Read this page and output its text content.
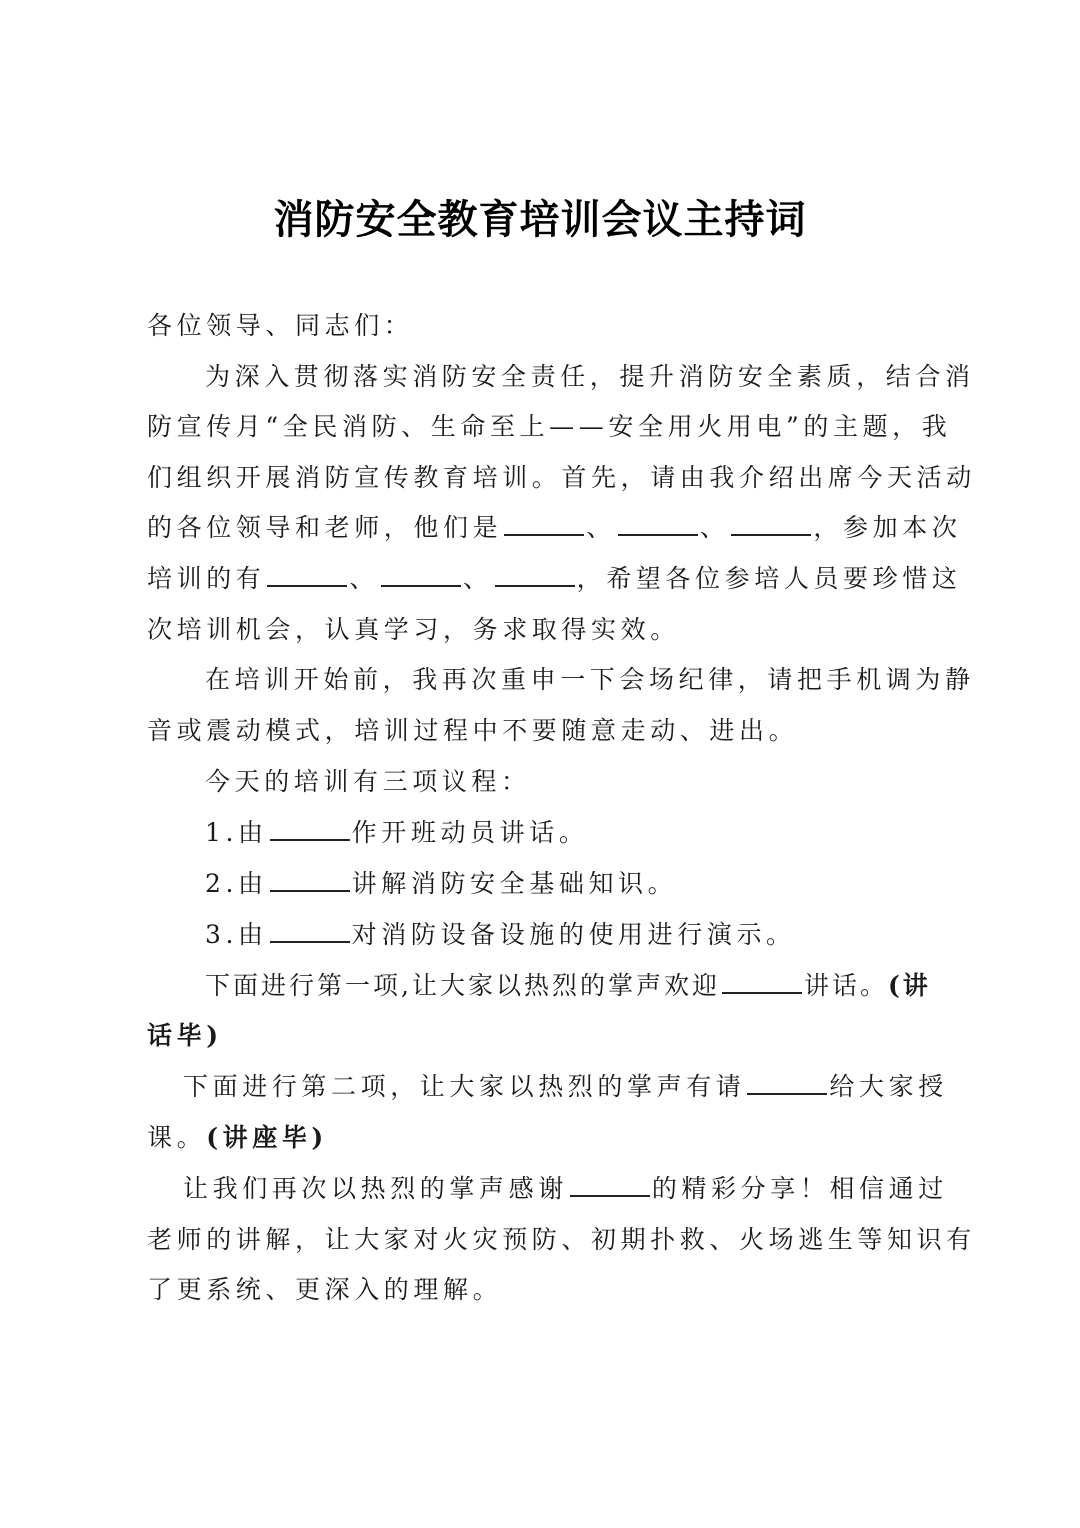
消防安全教育培训会议主持词
各位领导、同志们：
为深入贯彻落实消防安全责任，提升消防安全素质，结合消
防宣传月“全民消防、生命至上——安全用火用电”的主题，我
们组织开展消防宣传教育培训。首先，请由我介绍出席今天活动
的各位领导和老师，他们是	、	、	，参加本次
培训的有	、	、	，希望各位参培人员要珍惜这
次培训机会，认真学习，务求取得实效。
在培训开始前，我再次重申一下会场纪律，请把手机调为静
音或震动模式，培训过程中不要随意走动、进出。
今天的培训有三项议程：
1.由	作开班动员讲话。
2.由	讲解消防安全基础知识。
3.由	对消防设备设施的使用进行演示。
下面进行第一项,让大家以热烈的掌声欢迎	讲话。(讲
话毕)
下面进行第二项，让大家以热烈的掌声有请	给大家授
课。(讲座毕)
让我们再次以热烈的掌声感谢	的精彩分享！相信通过
老师的讲解，让大家对火灾预防、初期扑救、火场逃生等知识有
了更系统、更深入的理解。
